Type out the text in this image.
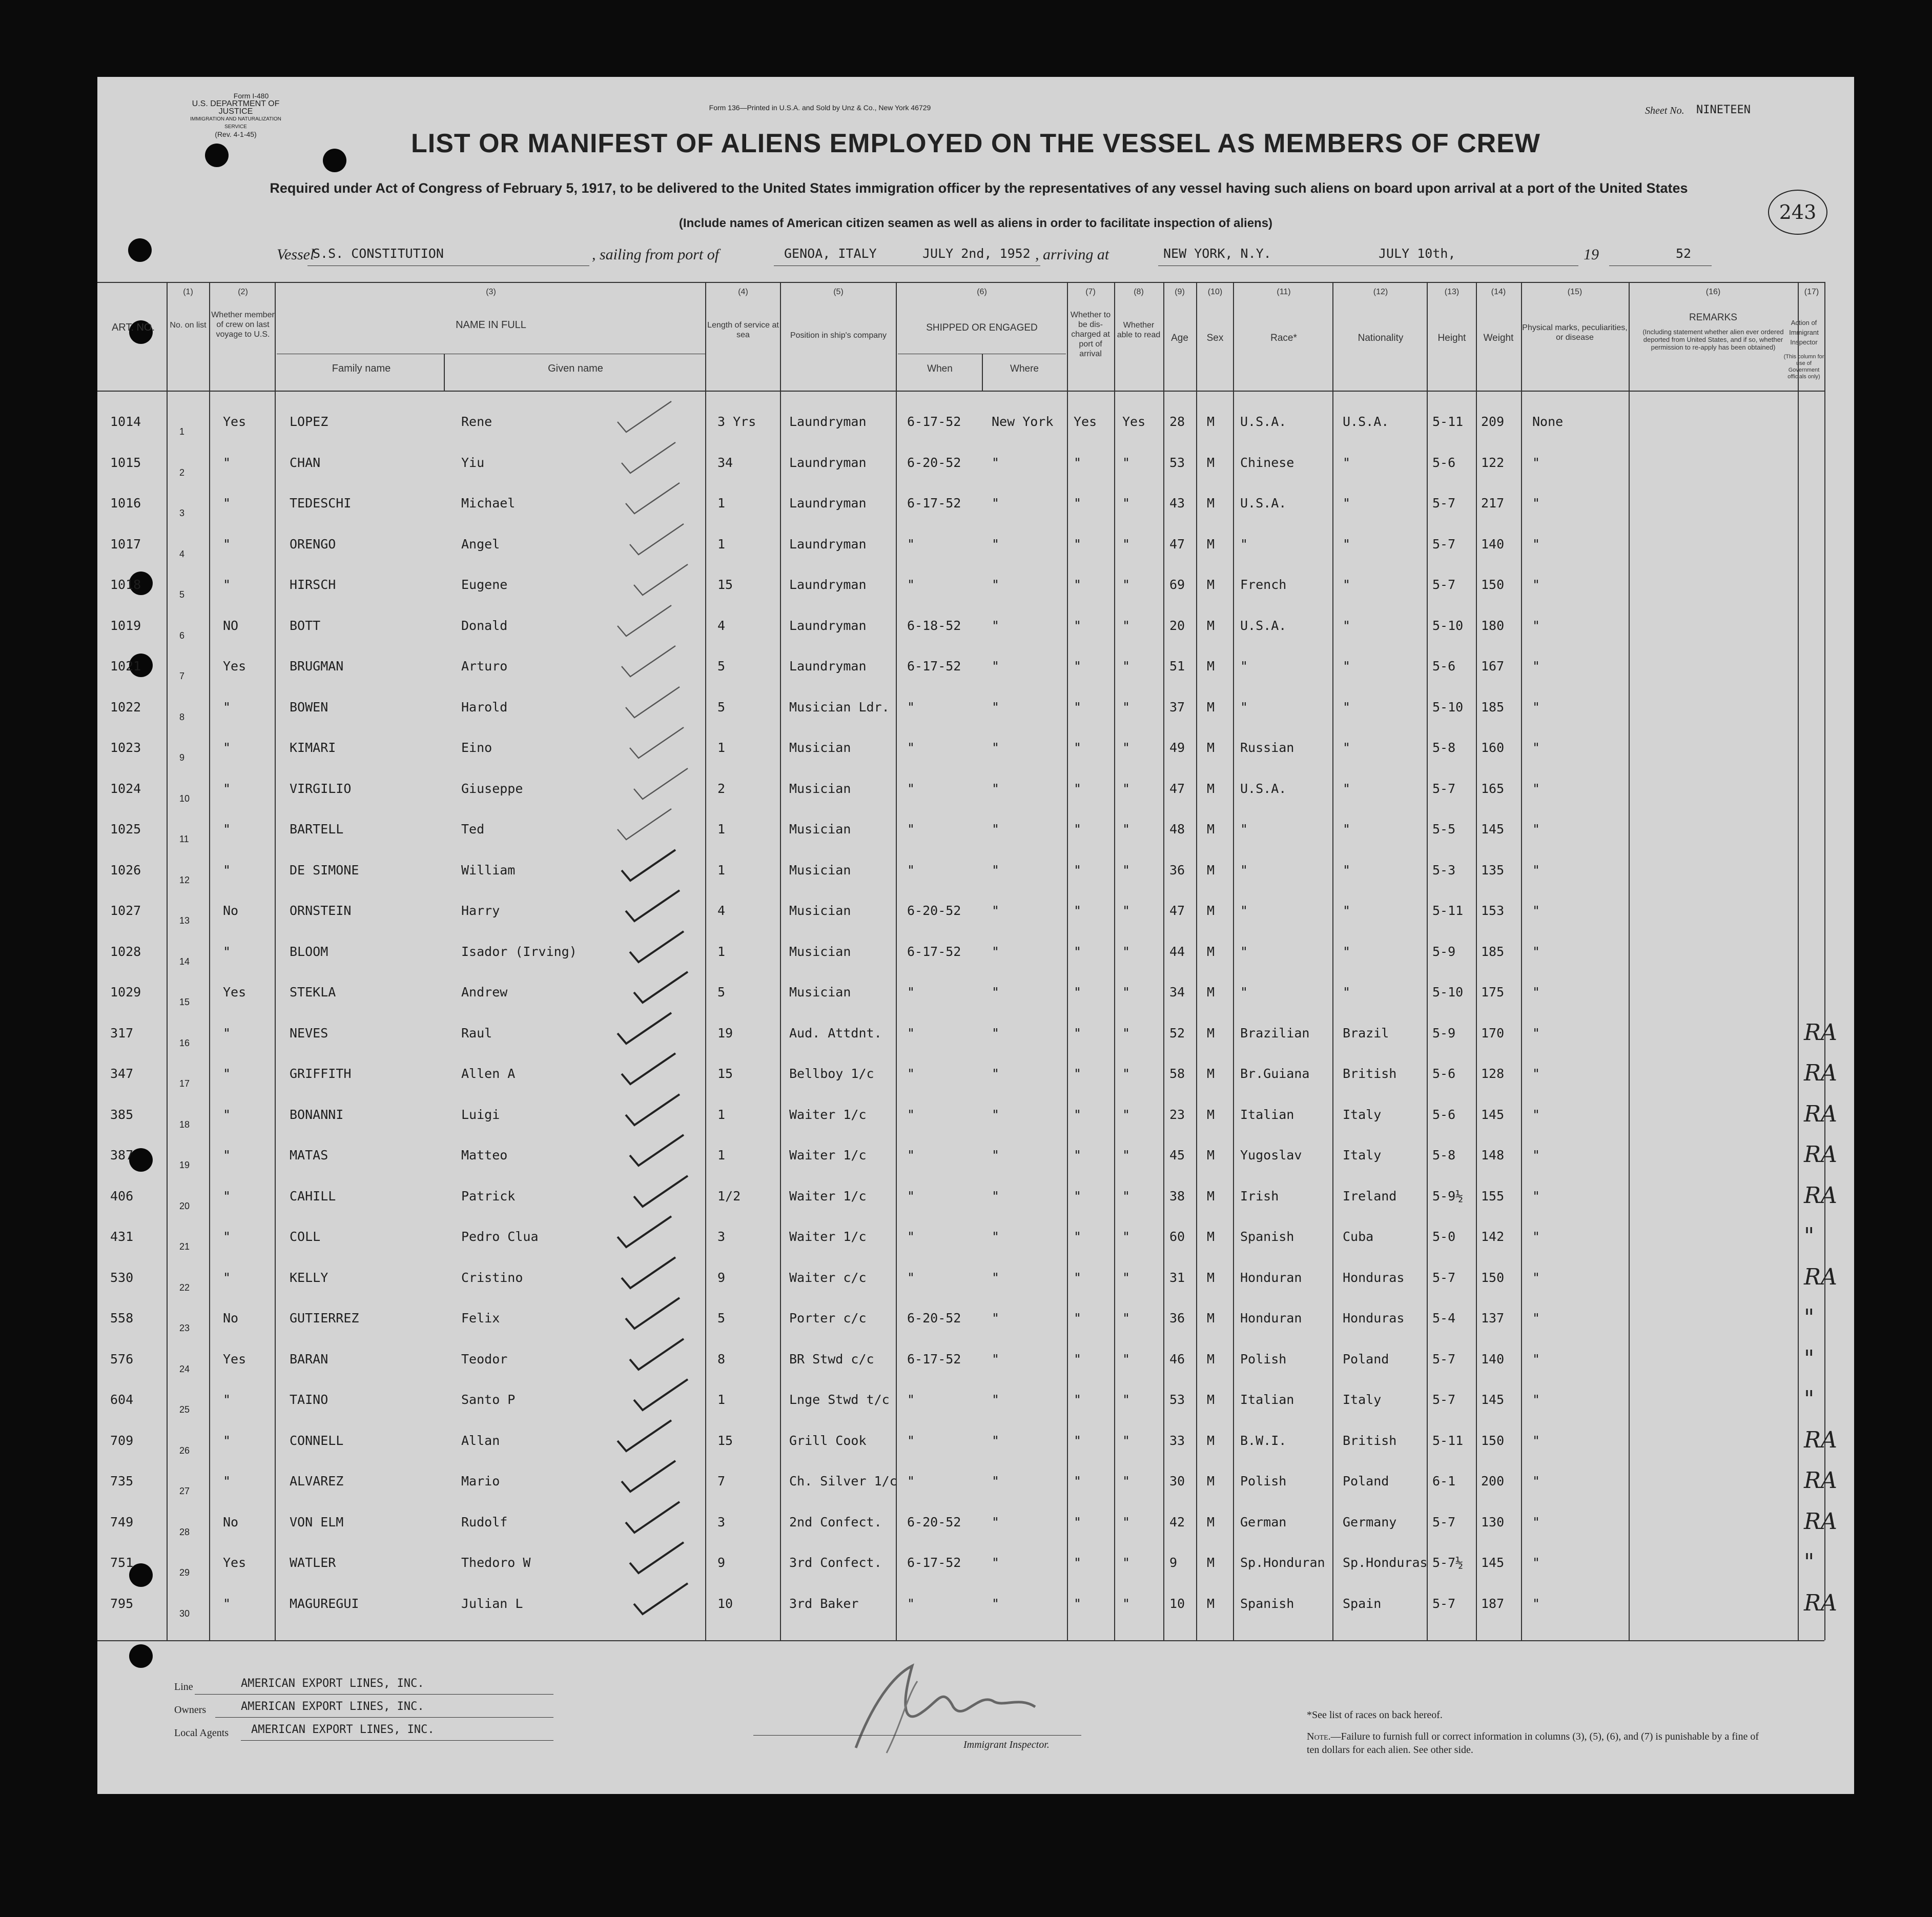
Form I-480
U.S. DEPARTMENT OF JUSTICE
IMMIGRATION AND NATURALIZATION SERVICE
(Rev. 4-1-45)
Form 136—Printed in U.S.A. and Sold by Unz & Co., New York 46729	Sheet No. NINETEEN
243
LIST OR MANIFEST OF ALIENS EMPLOYED ON THE VESSEL AS MEMBERS OF CREW
Required under Act of Congress of February 5, 1917, to be delivered to the United States immigration officer by the representatives of any vessel having such aliens on board upon arrival at a port of the United States
(Include names of American citizen seamen as well as aliens in order to facilitate inspection of aliens)
Vessel
S.S. CONSTITUTION	, sailing from port of	GENOA, ITALY	JULY 2nd, 1952 , arriving at	NEW YORK, N.Y.	JULY 10th,	19	52
ART. NO.
(1)
No. on list
(2)
Whether member of crew on last voyage to U.S.
(3)
NAME IN FULL
Family name	Given name
(4)
Length of service at sea
(5)
Position in ship's company
(6)
SHIPPED OR ENGAGED
When	Where
(7)
Whether to be dis- charged at port of arrival
(8)
Whether able to read
(9)
Age
(10)
Sex
(11)
Race*
(12)
Nationality
(13)
Height
(14)
Weight
(15)
Physical marks, peculiarities, or disease
(16)
REMARKS
(Including statement whether alien ever ordered deported from United States, and if so, whether permission to re-apply has been obtained)
(17)
Action of Immigrant Inspector
(This column for use of Government officials only)
1014
1
Yes	LOPEZ	Rene	3 Yrs	Laundryman	6-17-52 New York Yes Yes 28 M U.S.A.	U.S.A.	5-11 209 None
1015
2
"	CHAN	Yiu	34	Laundryman	6-20-52 "	"	"	53 M Chinese	"	5-6 122 "
1016
3
"	TEDESCHI	Michael	1	Laundryman	6-17-52 "	"	"	43 M U.S.A.	"	5-7 217 "
1017
4
"	ORENGO	Angel	1	Laundryman	"	"	"	"	47 M "	"	5-7 140 "
1018
5
"	HIRSCH	Eugene	15	Laundryman	"	"	"	"	69 M French	"	5-7 150 "
1019
6
NO	BOTT	Donald	4	Laundryman	6-18-52 "	"	"	20 M U.S.A.	"	5-10 180 "
1021
7
Yes	BRUGMAN	Arturo	5	Laundryman	6-17-52 "	"	"	51 M "	"	5-6 167 "
1022
8
"	BOWEN	Harold	5	Musician Ldr. "	"	"	"	37 M "	"	5-10 185 "
1023
9
"	KIMARI	Eino	1	Musician	"	"	"	"	49 M Russian	"	5-8 160 "
1024
10
"	VIRGILIO	Giuseppe	2	Musician	"	"	"	"	47 M U.S.A.	"	5-7 165 "
1025
11
"	BARTELL	Ted	1	Musician	"	"	"	"	48 M "	"	5-5 145 "
1026
12
"	DE SIMONE	William	1	Musician	"	"	"	"	36 M "	"	5-3 135 "
1027
13
No	ORNSTEIN	Harry	4	Musician	6-20-52 "	"	"	47 M "	"	5-11 153 "
1028
14
"	BLOOM	Isador (Irving)	1	Musician	6-17-52 "	"	"	44 M "	"	5-9 185 "
1029
15
Yes	STEKLA	Andrew	5	Musician	"	"	"	"	34 M "	"	5-10 175 "
317
16
"	NEVES	Raul	19	Aud. Attdnt. "	"	"	"	52 M Brazilian	Brazil	5-9 170 "	RA
347
17
"	GRIFFITH	Allen A	15	Bellboy 1/c	"	"	"	"	58 M Br.Guiana	British	5-6 128 "	RA
385
18
"	BONANNI	Luigi	1	Waiter 1/c	"	"	"	"	23 M Italian	Italy	5-6 145 "	RA
387
19
"	MATAS	Matteo	1	Waiter 1/c	"	"	"	"	45 M Yugoslav	Italy	5-8 148 "	RA
406
20
"	CAHILL	Patrick	1/2	Waiter 1/c	"	"	"	"	38 M Irish	Ireland	5-9½ 155 "	RA
431
21
"	COLL	Pedro Clua	3	Waiter 1/c	"	"	"	"	60 M Spanish	Cuba	5-0 142 "	"
530
22
"	KELLY	Cristino	9	Waiter c/c	"	"	"	"	31 M Honduran	Honduras 5-7 150 "	RA
558
23
No	GUTIERREZ	Felix	5	Porter c/c	6-20-52 "	"	"	36 M Honduran	Honduras 5-4 137 "	"
576
24
Yes	BARAN	Teodor	8	BR Stwd c/c	6-17-52 "	"	"	46 M Polish	Poland	5-7 140 "	"
604
25
"	TAINO	Santo P	1	Lnge Stwd t/c "	"	"	"	53 M Italian	Italy	5-7 145 "	"
709
26
"	CONNELL	Allan	15	Grill Cook	"	"	"	"	33 M B.W.I.	British	5-11 150 "	RA
735
27
"	ALVAREZ	Mario	7	Ch. Silver 1/c "	"	"	"	30 M Polish	Poland	6-1 200 "	RA
749
28
No	VON ELM	Rudolf	3	2nd Confect. 6-20-52 "	"	"	42 M German	Germany	5-7 130 "	RA
751
29
Yes	WATLER	Thedoro W	9	3rd Confect. 6-17-52 "	"	"	9 M Sp.Honduran Sp.Honduras 5-7½ 145 "	"
795
30
"	MAGUREGUI	Julian L	10	3rd Baker	"	"	"	"	10 M Spanish	Spain	5-7 187 "	RA
Line	AMERICAN EXPORT LINES, INC.
Owners	AMERICAN EXPORT LINES, INC.
Local Agents AMERICAN EXPORT LINES, INC.
Immigrant Inspector.
*See list of races on back hereof.
Note.—Failure to furnish full or correct information in columns (3), (5), (6), and (7) is punishable by a fine of ten dollars for each alien. See other side.
